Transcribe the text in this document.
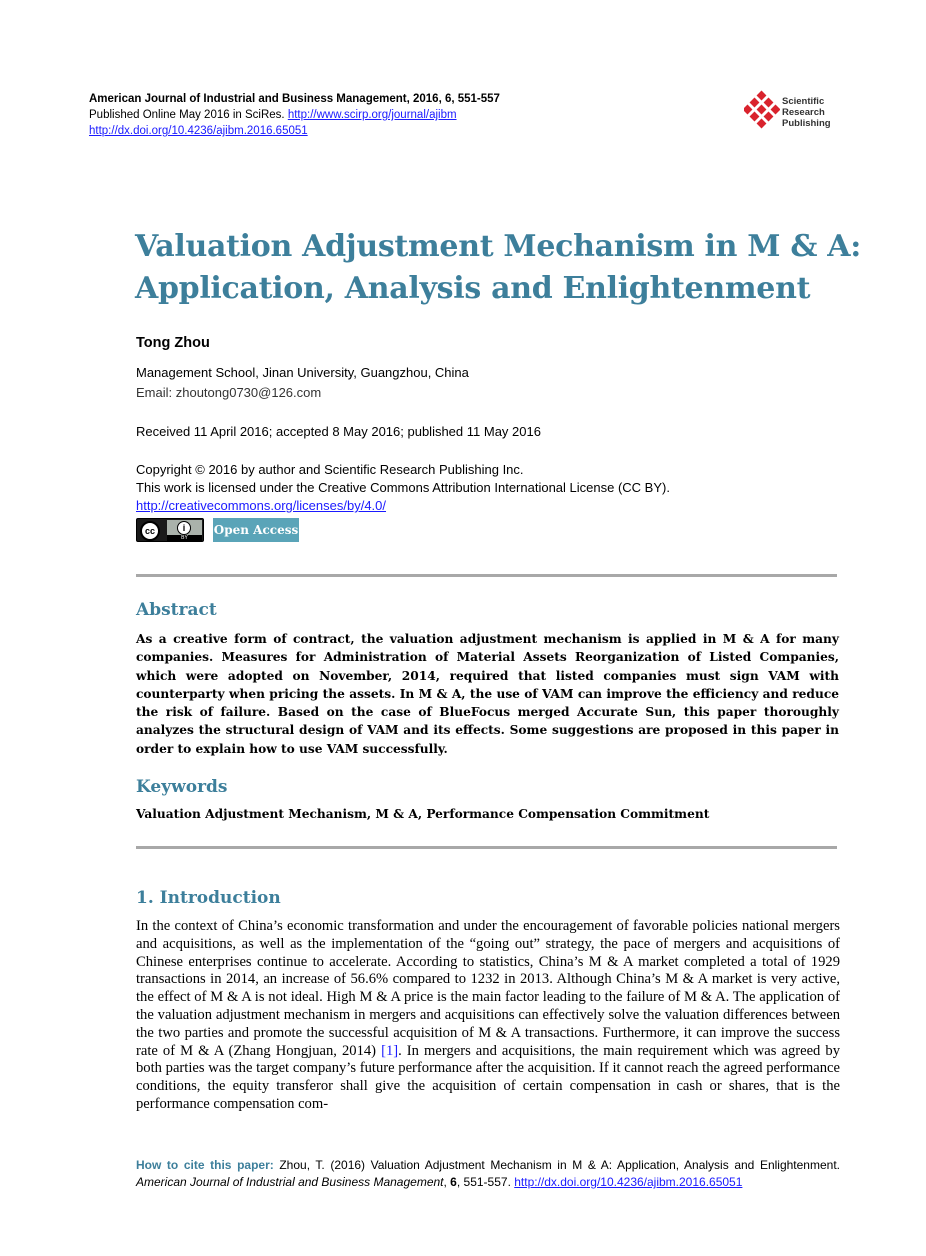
American Journal of Industrial and Business Management, 2016, 6, 551-557
Published Online May 2016 in SciRes. http://www.scirp.org/journal/ajibm
http://dx.doi.org/10.4236/ajibm.2016.65051
Scientific
Research
Publishing
Valuation Adjustment Mechanism in M & A:
Application, Analysis and Enlightenment
Tong Zhou
Management School, Jinan University, Guangzhou, China
Email: zhoutong0730@126.com
Received 11 April 2016; accepted 8 May 2016; published 11 May 2016
Copyright © 2016 by author and Scientific Research Publishing Inc.
This work is licensed under the Creative Commons Attribution International License (CC BY).
http://creativecommons.org/licenses/by/4.0/
cc	i
BY
Open Access
Abstract
As a creative form of contract, the valuation adjustment mechanism is applied in M & A for many companies. Measures for Administration of Material Assets Reorganization of Listed Companies, which were adopted on November, 2014, required that listed companies must sign VAM with counterparty when pricing the assets. In M & A, the use of VAM can improve the efficiency and reduce the risk of failure. Based on the case of BlueFocus merged Accurate Sun, this paper thoroughly analyzes the structural design of VAM and its effects. Some suggestions are proposed in this paper in order to explain how to use VAM successfully.
Keywords
Valuation Adjustment Mechanism, M & A, Performance Compensation Commitment
1. Introduction
In the context of China’s economic transformation and under the encouragement of favorable policies national mergers and acquisitions, as well as the implementation of the “going out” strategy, the pace of mergers and acquisitions of Chinese enterprises continue to accelerate. According to statistics, China’s M & A market completed a total of 1929 transactions in 2014, an increase of 56.6% compared to 1232 in 2013. Although China’s M & A market is very active, the effect of M & A is not ideal. High M & A price is the main factor leading to the failure of M & A. The application of the valuation adjustment mechanism in mergers and acquisitions can effectively solve the valuation differences between the two parties and promote the successful acquisition of M & A transactions. Furthermore, it can improve the success rate of M & A (Zhang Hongjuan, 2014) [1]. In mergers and acquisitions, the main requirement which was agreed by both parties was the target company’s future performance after the acquisition. If it cannot reach the agreed performance conditions, the equity transferor shall give the acquisition of certain compensation in cash or shares, that is the performance compensation com-
How to cite this paper: Zhou, T. (2016) Valuation Adjustment Mechanism in M & A: Application, Analysis and Enlightenment. American Journal of Industrial and Business Management, 6, 551-557. http://dx.doi.org/10.4236/ajibm.2016.65051
